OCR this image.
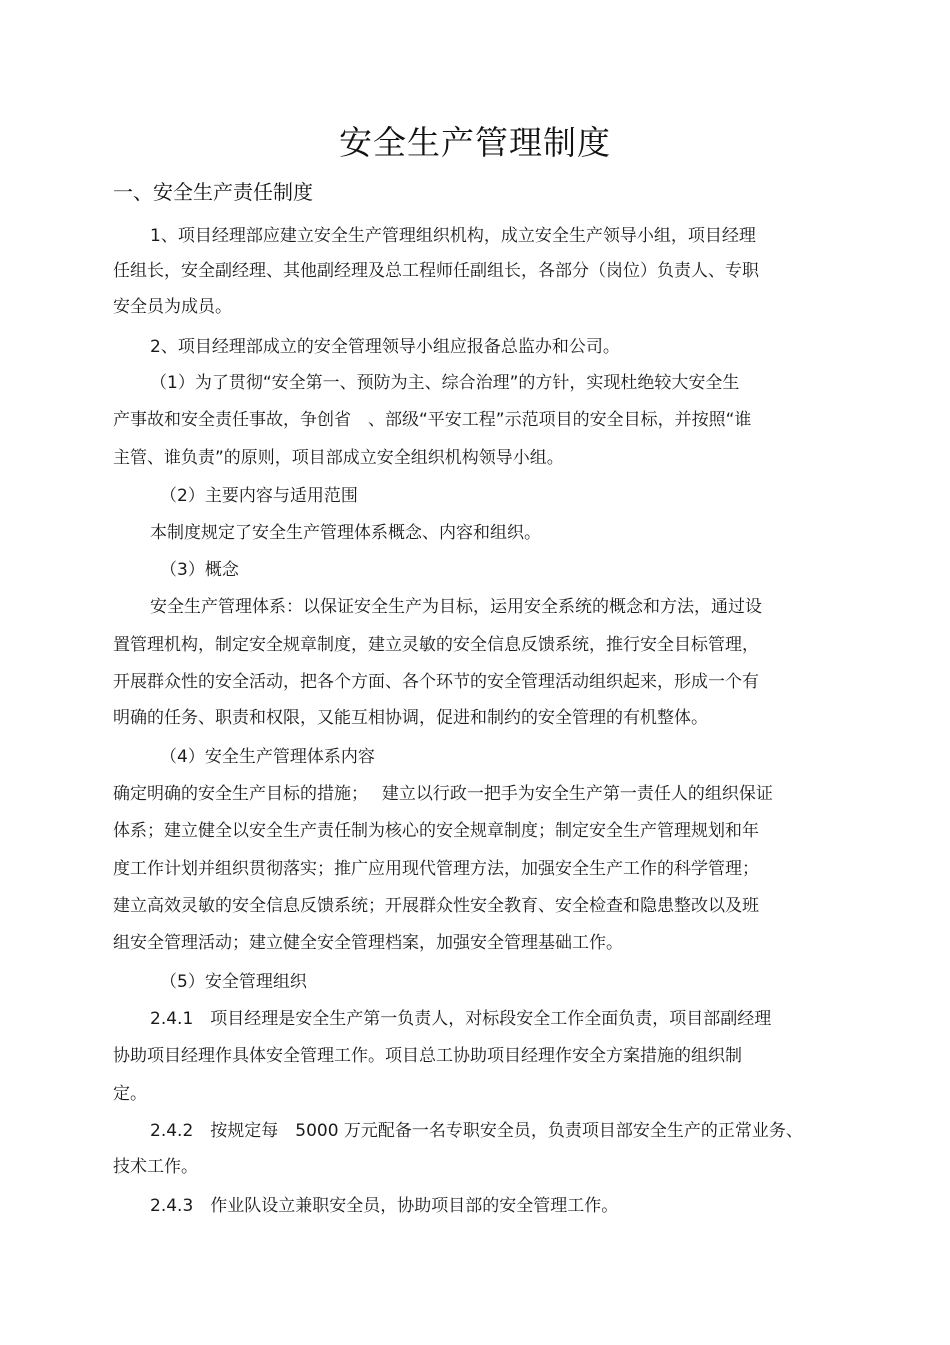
安全生产管理制度
一、安全生产责任制度
1、项目经理部应建立安全生产管理组织机构，成立安全生产领导小组，项目经理
任组长，安全副经理、其他副经理及总工程师任副组长，各部分（岗位）负责人、专职
安全员为成员。
2、项目经理部成立的安全管理领导小组应报备总监办和公司。
（1）为了贯彻“安全第一、预防为主、综合治理”的方针，实现杜绝较大安全生
产事故和安全责任事故，争创省　、部级“平安工程”示范项目的安全目标，并按照“谁
主管、谁负责”的原则，项目部成立安全组织机构领导小组。
（2）主要内容与适用范围
本制度规定了安全生产管理体系概念、内容和组织。
（3）概念
安全生产管理体系：以保证安全生产为目标，运用安全系统的概念和方法，通过设
置管理机构，制定安全规章制度，建立灵敏的安全信息反馈系统，推行安全目标管理，
开展群众性的安全活动，把各个方面、各个环节的安全管理活动组织起来，形成一个有
明确的任务、职责和权限，又能互相协调，促进和制约的安全管理的有机整体。
（4）安全生产管理体系内容
确定明确的安全生产目标的措施；　 建立以行政一把手为安全生产第一责任人的组织保证
体系；建立健全以安全生产责任制为核心的安全规章制度；制定安全生产管理规划和年
度工作计划并组织贯彻落实；推广应用现代管理方法，加强安全生产工作的科学管理；
建立高效灵敏的安全信息反馈系统；开展群众性安全教育、安全检查和隐患整改以及班
组安全管理活动；建立健全安全管理档案，加强安全管理基础工作。
（5）安全管理组织
2.4.1　项目经理是安全生产第一负责人，对标段安全工作全面负责，项目部副经理
协助项目经理作具体安全管理工作。项目总工协助项目经理作安全方案措施的组织制
定。
2.4.2　按规定每　5000 万元配备一名专职安全员，负责项目部安全生产的正常业务、
技术工作。
2.4.3　作业队设立兼职安全员，协助项目部的安全管理工作。
